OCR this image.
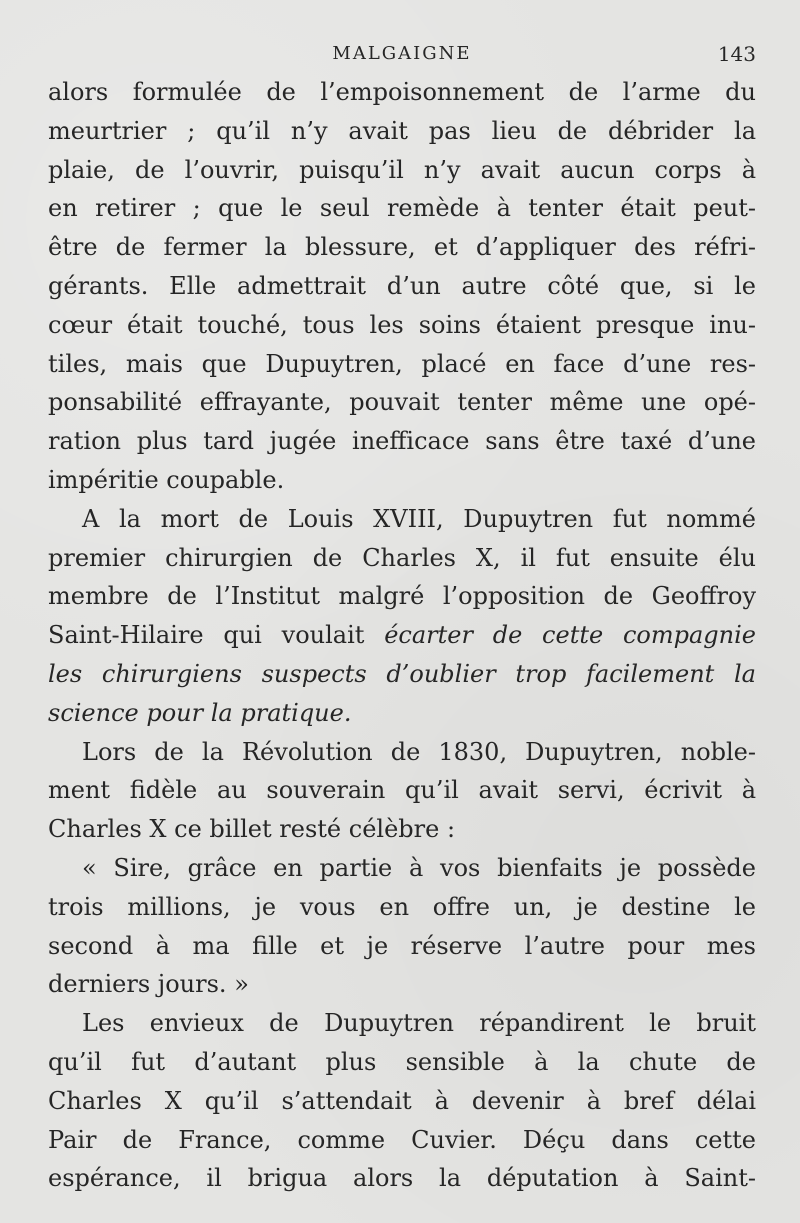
MALGAIGNE	143
alors formulée de l’empoisonnement de l’arme du
meurtrier ; qu’il n’y avait pas lieu de débrider la
plaie, de l’ouvrir, puisqu’il n’y avait aucun corps à
en retirer ; que le seul remède à tenter était peut-
être de fermer la blessure, et d’appliquer des réfri-
gérants. Elle admettrait d’un autre côté que, si le
cœur était touché, tous les soins étaient presque inu-
tiles, mais que Dupuytren, placé en face d’une res-
ponsabilité effrayante, pouvait tenter même une opé-
ration plus tard jugée inefficace sans être taxé d’une
impéritie coupable.
A la mort de Louis XVIII, Dupuytren fut nommé
premier chirurgien de Charles X, il fut ensuite élu
membre de l’Institut malgré l’opposition de Geoffroy
Saint-Hilaire qui voulait écarter de cette compagnie
les chirurgiens suspects d’oublier trop facilement la
science pour la pratique.
Lors de la Révolution de 1830, Dupuytren, noble-
ment fidèle au souverain qu’il avait servi, écrivit à
Charles X ce billet resté célèbre :
« Sire, grâce en partie à vos bienfaits je possède
trois millions, je vous en offre un, je destine le
second à ma fille et je réserve l’autre pour mes
derniers jours. »
Les envieux de Dupuytren répandirent le bruit
qu’il fut d’autant plus sensible à la chute de
Charles X qu’il s’attendait à devenir à bref délai
Pair de France, comme Cuvier. Déçu dans cette
espérance, il brigua alors la députation à Saint-
